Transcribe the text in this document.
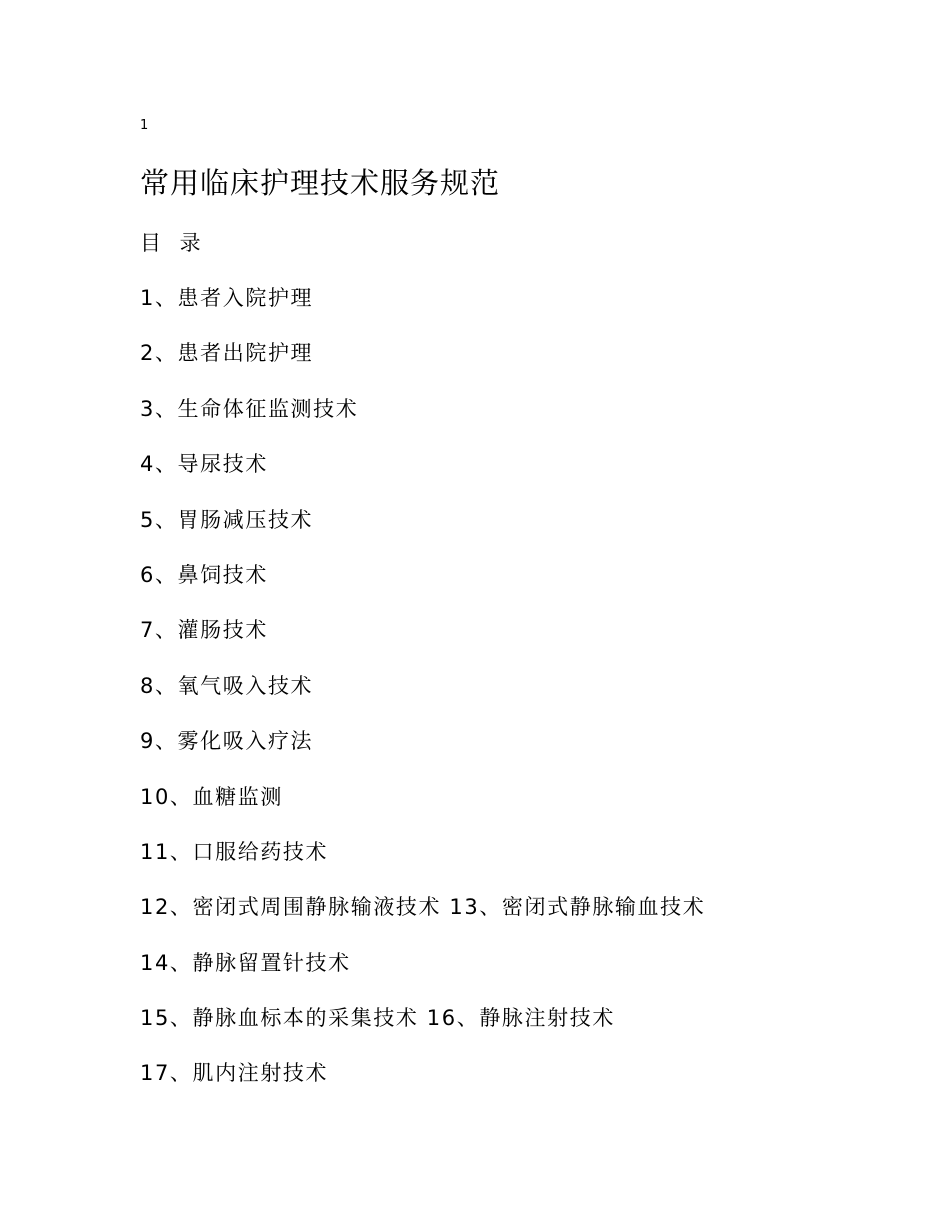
1
常用临床护理技术服务规范
目 录
1、患者入院护理
2、患者出院护理
3、生命体征监测技术
4、导尿技术
5、胃肠减压技术
6、鼻饲技术
7、灌肠技术
8、氧气吸入技术
9、雾化吸入疗法
10、血糖监测
11、口服给药技术
12、密闭式周围静脉输液技术 13、密闭式静脉输血技术
14、静脉留置针技术
15、静脉血标本的采集技术 16、静脉注射技术
17、肌内注射技术
